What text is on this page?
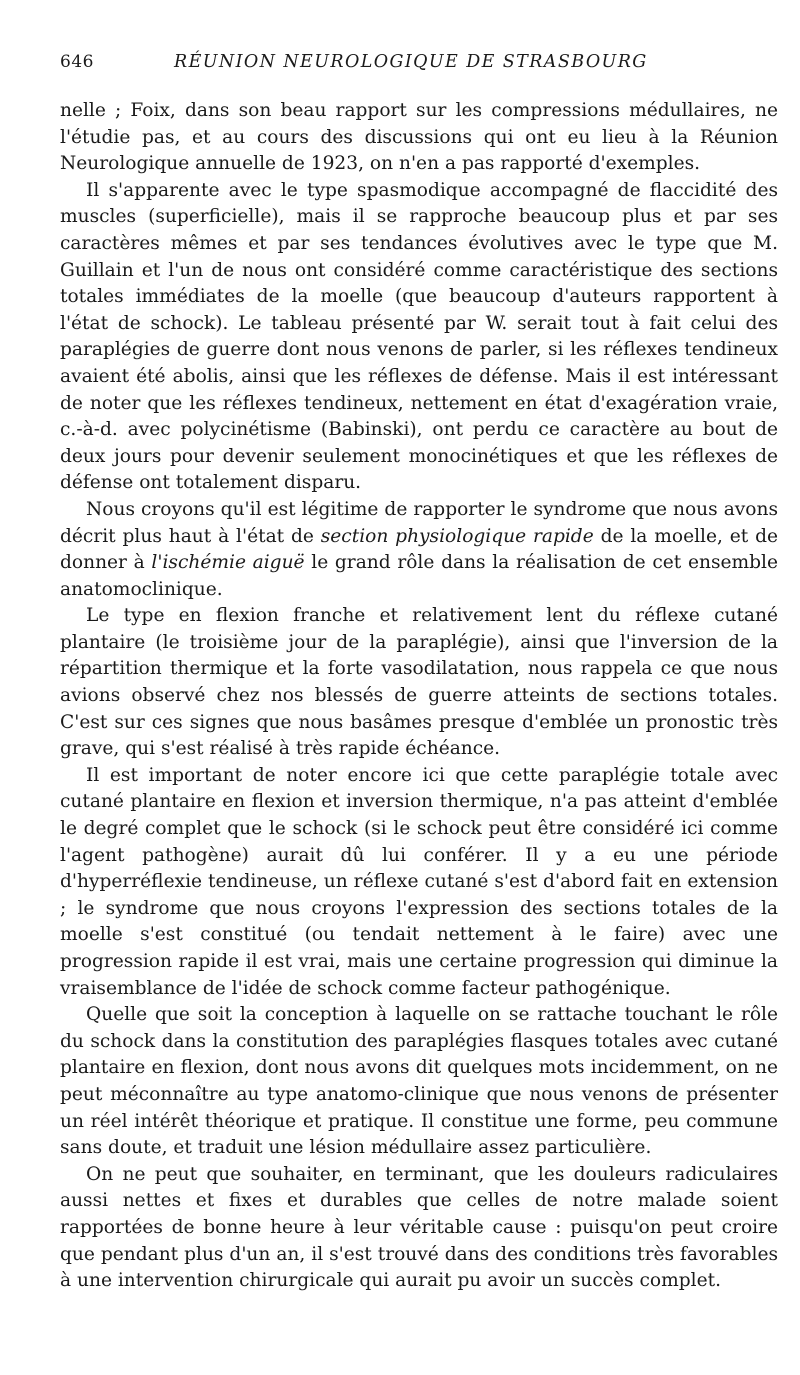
646	RÉUNION NEUROLOGIQUE DE STRASBOURG

nelle ; Foix, dans son beau rapport sur les compressions médullaires, ne l'étudie pas, et au cours des discussions qui ont eu lieu à la Réunion Neurologique annuelle de 1923, on n'en a pas rapporté d'exemples.

Il s'apparente avec le type spasmodique accompagné de flaccidité des muscles (superficielle), mais il se rapproche beaucoup plus et par ses caractères mêmes et par ses tendances évolutives avec le type que M. Guillain et l'un de nous ont considéré comme caractéristique des sections totales immédiates de la moelle (que beaucoup d'auteurs rapportent à l'état de schock). Le tableau présenté par W. serait tout à fait celui des paraplégies de guerre dont nous venons de parler, si les réflexes tendineux avaient été abolis, ainsi que les réflexes de défense. Mais il est intéressant de noter que les réflexes tendineux, nettement en état d'exagération vraie, c.-à-d. avec polycinétisme (Babinski), ont perdu ce caractère au bout de deux jours pour devenir seulement monocinétiques et que les réflexes de défense ont totalement disparu.

Nous croyons qu'il est légitime de rapporter le syndrome que nous avons décrit plus haut à l'état de section physiologique rapide de la moelle, et de donner à l'ischémie aiguë le grand rôle dans la réalisation de cet ensemble anatomoclinique.

Le type en flexion franche et relativement lent du réflexe cutané plantaire (le troisième jour de la paraplégie), ainsi que l'inversion de la répartition thermique et la forte vasodilatation, nous rappela ce que nous avions observé chez nos blessés de guerre atteints de sections totales. C'est sur ces signes que nous basâmes presque d'emblée un pronostic très grave, qui s'est réalisé à très rapide échéance.

Il est important de noter encore ici que cette paraplégie totale avec cutané plantaire en flexion et inversion thermique, n'a pas atteint d'emblée le degré complet que le schock (si le schock peut être considéré ici comme l'agent pathogène) aurait dû lui conférer. Il y a eu une période d'hyperréflexie tendineuse, un réflexe cutané s'est d'abord fait en extension ; le syndrome que nous croyons l'expression des sections totales de la moelle s'est constitué (ou tendait nettement à le faire) avec une progression rapide il est vrai, mais une certaine progression qui diminue la vraisemblance de l'idée de schock comme facteur pathogénique.

Quelle que soit la conception à laquelle on se rattache touchant le rôle du schock dans la constitution des paraplégies flasques totales avec cutané plantaire en flexion, dont nous avons dit quelques mots incidemment, on ne peut méconnaître au type anatomo-clinique que nous venons de présenter un réel intérêt théorique et pratique. Il constitue une forme, peu commune sans doute, et traduit une lésion médullaire assez particulière.

On ne peut que souhaiter, en terminant, que les douleurs radiculaires aussi nettes et fixes et durables que celles de notre malade soient rapportées de bonne heure à leur véritable cause : puisqu'on peut croire que pendant plus d'un an, il s'est trouvé dans des conditions très favorables à une intervention chirurgicale qui aurait pu avoir un succès complet.
